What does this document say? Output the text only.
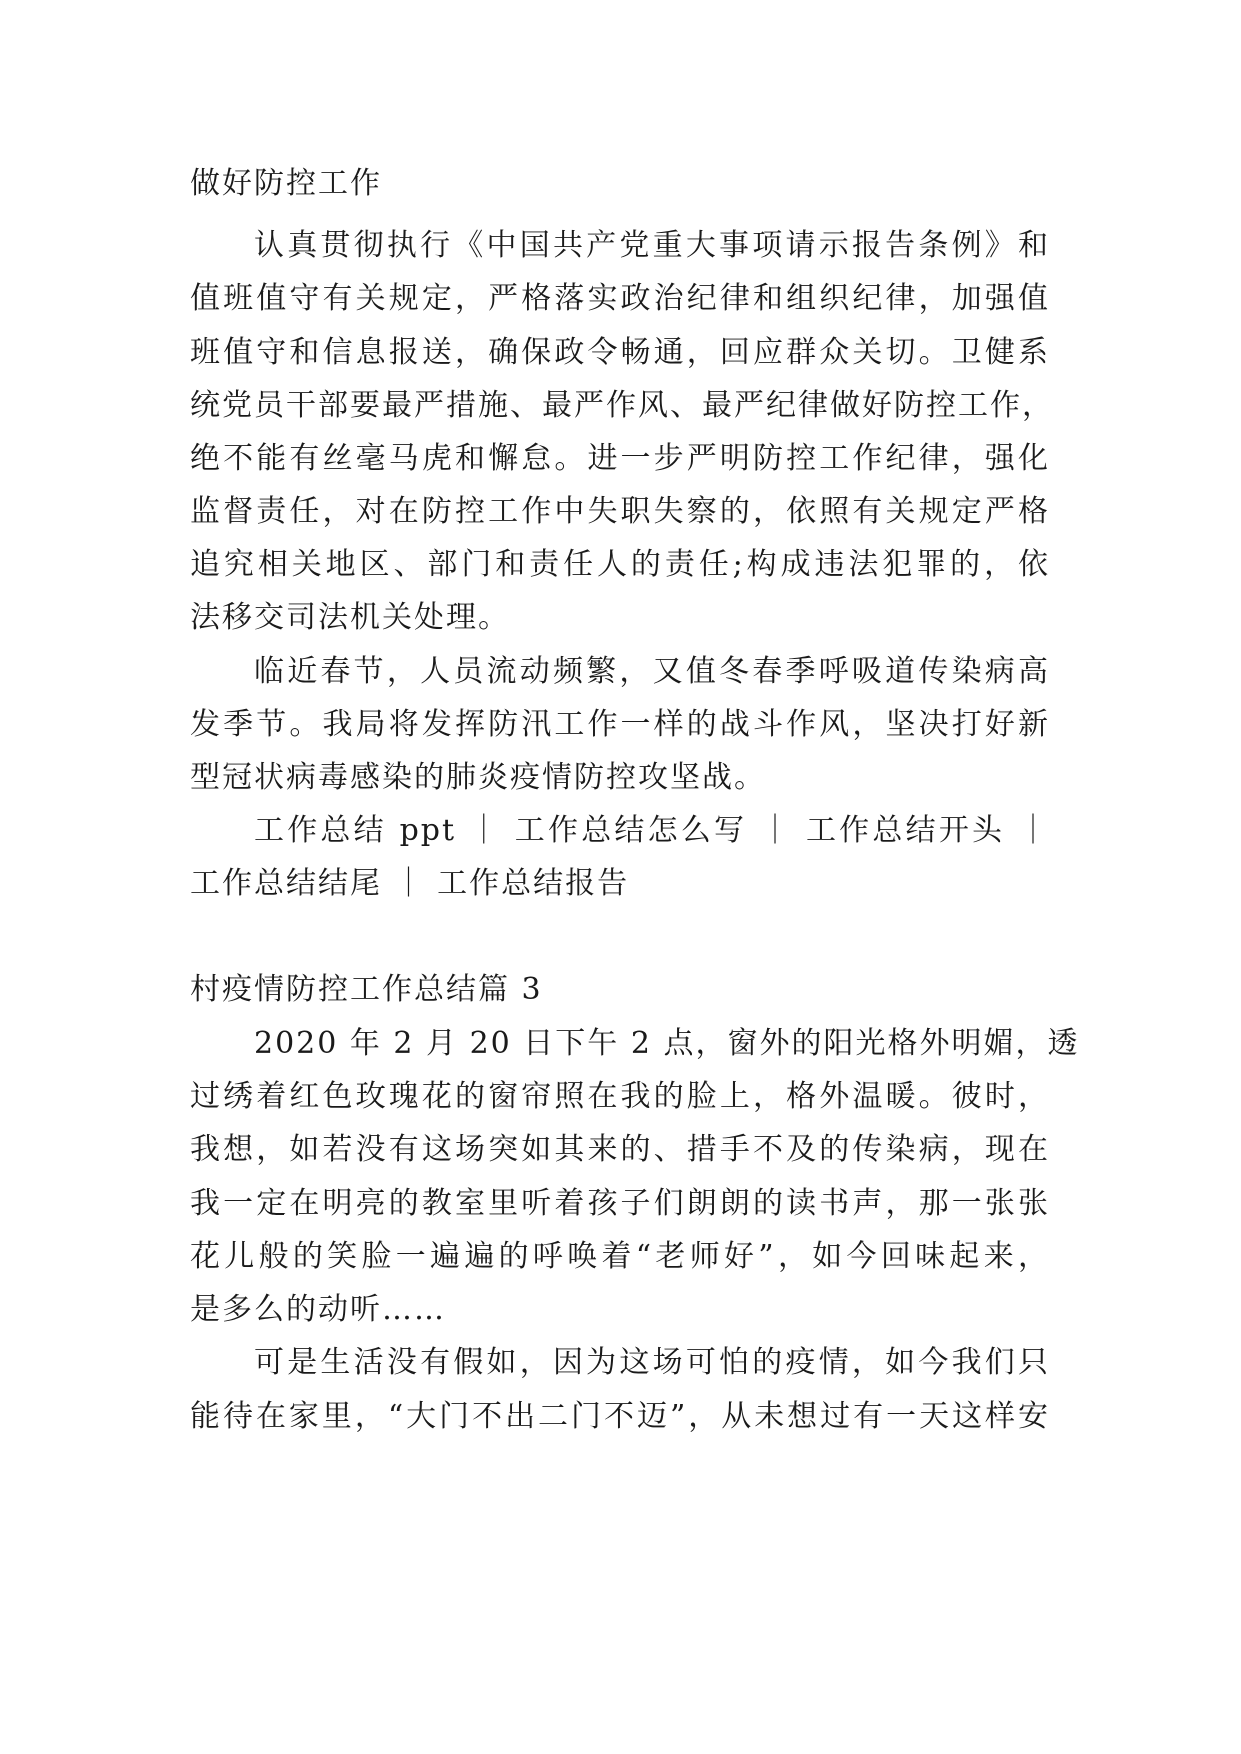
做好防控工作
认真贯彻执行《中国共产党重大事项请示报告条例》和
值班值守有关规定，严格落实政治纪律和组织纪律，加强值
班值守和信息报送，确保政令畅通，回应群众关切。卫健系
统党员干部要最严措施、最严作风、最严纪律做好防控工作，
绝不能有丝毫马虎和懈怠。进一步严明防控工作纪律，强化
监督责任，对在防控工作中失职失察的，依照有关规定严格
追究相关地区、部门和责任人的责任;构成违法犯罪的，依
法移交司法机关处理。
临近春节，人员流动频繁，又值冬春季呼吸道传染病高
发季节。我局将发挥防汛工作一样的战斗作风，坚决打好新
型冠状病毒感染的肺炎疫情防控攻坚战。
工作总结 ppt ｜ 工作总结怎么写 ｜ 工作总结开头 ｜
工作总结结尾 ｜ 工作总结报告
村疫情防控工作总结篇 3
2020 年 2 月 20 日下午 2 点，窗外的阳光格外明媚，透
过绣着红色玫瑰花的窗帘照在我的脸上，格外温暖。彼时，
我想，如若没有这场突如其来的、措手不及的传染病，现在
我一定在明亮的教室里听着孩子们朗朗的读书声，那一张张
花儿般的笑脸一遍遍的呼唤着“老师好”，如今回味起来，
是多么的动听……
可是生活没有假如，因为这场可怕的疫情，如今我们只
能待在家里，“大门不出二门不迈”，从未想过有一天这样安
